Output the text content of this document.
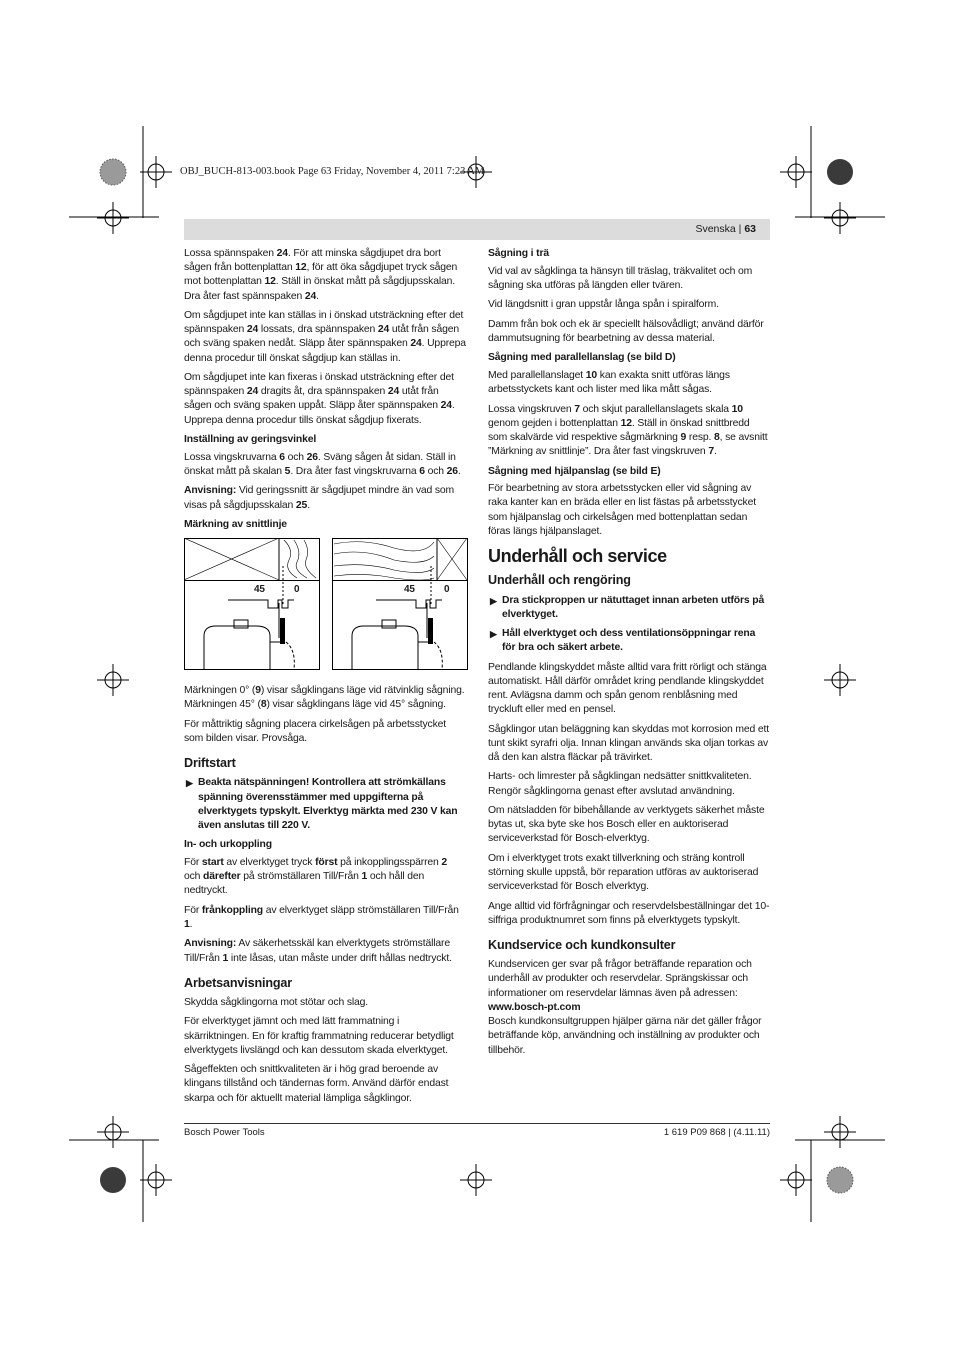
OBJ_BUCH-813-003.book Page 63 Friday, November 4, 2011 7:23 AM
Svenska | 63

Lossa spännspaken 24. För att minska sågdjupet dra bort sågen från bottenplattan 12, för att öka sågdjupet tryck sågen mot bottenplattan 12. Ställ in önskat mått på sågdjupsskalan. Dra åter fast spännspaken 24.

Om sågdjupet inte kan ställas in i önskad utsträckning efter det spännspaken 24 lossats, dra spännspaken 24 utåt från sågen och sväng spaken nedåt. Släpp åter spännspaken 24. Upprepa denna procedur till önskat sågdjup kan ställas in.

Om sågdjupet inte kan fixeras i önskad utsträckning efter det spännspaken 24 dragits åt, dra spännspaken 24 utåt från sågen och sväng spaken uppåt. Släpp åter spännspaken 24. Upprepa denna procedur tills önskat sågdjup fixerats.

Inställning av geringsvinkel

Lossa vingskruvarna 6 och 26. Sväng sågen åt sidan. Ställ in önskat mått på skalan 5. Dra åter fast vingskruvarna 6 och 26.

Anvisning: Vid geringssnitt är sågdjupet mindre än vad som visas på sågdjupsskalan 25.

Märkning av snittlinje
45	0	45	0

Märkningen 0° (9) visar sågklingans läge vid rätvinklig sågning. Märkningen 45° (8) visar sågklingans läge vid 45° sågning.

För måttriktig sågning placera cirkelsågen på arbetsstycket som bilden visar. Provsåga.

Driftstart
▶ Beakta nätspänningen! Kontrollera att strömkällans spänning överensstämmer med uppgifterna på elverktygets typskylt. Elverktyg märkta med 230 V kan även anslutas till 220 V.
In- och urkoppling

För start av elverktyget tryck först på inkopplingsspärren 2 och därefter på strömställaren Till/Från 1 och håll den nedtryckt.

För frånkoppling av elverktyget släpp strömställaren Till/Från 1.

Anvisning: Av säkerhetsskäl kan elverktygets strömställare Till/Från 1 inte låsas, utan måste under drift hållas nedtryckt.

Arbetsanvisningar

Skydda sågklingorna mot stötar och slag.

För elverktyget jämnt och med lätt frammatning i skärriktningen. En för kraftig frammatning reducerar betydligt elverktygets livslängd och kan dessutom skada elverktyget.

Sågeffekten och snittkvaliteten är i hög grad beroende av klingans tillstånd och tändernas form. Använd därför endast skarpa och för aktuellt material lämpliga sågklingor.

Sågning i trä

Vid val av sågklinga ta hänsyn till träslag, träkvalitet och om sågning ska utföras på längden eller tvären.

Vid längdsnitt i gran uppstår långa spån i spiralform.

Damm från bok och ek är speciellt hälsovådligt; använd därför dammutsugning för bearbetning av dessa material.

Sågning med parallellanslag (se bild D)

Med parallellanslaget 10 kan exakta snitt utföras längs arbetsstyckets kant och lister med lika mått sågas.

Lossa vingskruven 7 och skjut parallellanslagets skala 10 genom gejden i bottenplattan 12. Ställ in önskad snittbredd som skalvärde vid respektive sågmärkning 9 resp. 8, se avsnitt ”Märkning av snittlinje”. Dra åter fast vingskruven 7.

Sågning med hjälpanslag (se bild E)

För bearbetning av stora arbetsstycken eller vid sågning av raka kanter kan en bräda eller en list fästas på arbetsstycket som hjälpanslag och cirkelsågen med bottenplattan sedan föras längs hjälpanslaget.

Underhåll och service
Underhåll och rengöring
▶ Dra stickproppen ur nätuttaget innan arbeten utförs på elverktyget.
▶ Håll elverktyget och dess ventilationsöppningar rena för bra och säkert arbete.

Pendlande klingskyddet måste alltid vara fritt rörligt och stänga automatiskt. Håll därför området kring pendlande klingskyddet rent. Avlägsna damm och spån genom renblåsning med tryckluft eller med en pensel.

Sågklingor utan beläggning kan skyddas mot korrosion med ett tunt skikt syrafri olja. Innan klingan används ska oljan torkas av då den kan alstra fläckar på trävirket.

Harts- och limrester på sågklingan nedsätter snittkvaliteten. Rengör sågklingorna genast efter avslutad användning.

Om nätsladden för bibehållande av verktygets säkerhet måste bytas ut, ska byte ske hos Bosch eller en auktoriserad serviceverkstad för Bosch-elverktyg.

Om i elverktyget trots exakt tillverkning och sträng kontroll störning skulle uppstå, bör reparation utföras av auktoriserad serviceverkstad för Bosch elverktyg.

Ange alltid vid förfrågningar och reservdelsbeställningar det 10-siffriga produktnumret som finns på elverktygets typskylt.

Kundservice och kundkonsulter

Kundservicen ger svar på frågor beträffande reparation och underhåll av produkter och reservdelar. Sprängskissar och informationer om reservdelar lämnas även på adressen:

www.bosch-pt.com

Bosch kundkonsultgruppen hjälper gärna när det gäller frågor beträffande köp, användning och inställning av produkter och tillbehör.

Bosch Power Tools	1 619 P09 868 | (4.11.11)
